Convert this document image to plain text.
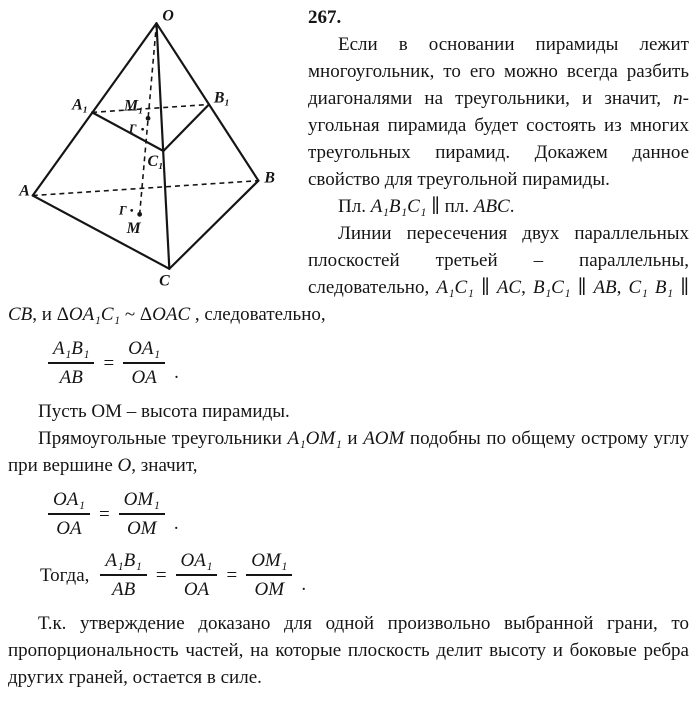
O
A₁	B₁
C₁
A
B
C
M₁
M
Γ
Γ
267.

Если в основании пирамиды лежит многоугольник, то его можно всегда разбить диагоналями на треугольники, и значит, n-угольная пирамида будет состоять из многих треугольных пирамид. Докажем данное свойство для треугольной пирамиды.

Пл. A₁B₁C₁ ∥ пл. ABC.

Линии пересечения двух параллельных плоскостей третьей – параллельны, следовательно, A₁C₁ ∥ AC, B₁C₁ ∥ AB, C₁ B₁ ∥ CB, и ΔOA₁C₁ ~ ΔOAC , следовательно,

$\frac{\text{A₁B₁}}{AB} = \frac{\text{OA₁}}{OA}$ .

Пусть ОМ – высота пирамиды.

Прямоугольные треугольники A₁OM₁ и AOM подобны по общему острому углу при вершине O, значит,

$\frac{\text{OA₁}}{OA} = \frac{\text{OM₁}}{OM}$ .
Тогда, $\frac{\text{A₁B₁}}{AB} = \frac{\text{OA₁}}{OA} = \frac{\text{OM₁}}{OM}$ .

Т.к. утверждение доказано для одной произвольно выбранной грани, то пропорциональность частей, на которые плоскость делит высоту и боковые ребра других граней, остается в силе.
